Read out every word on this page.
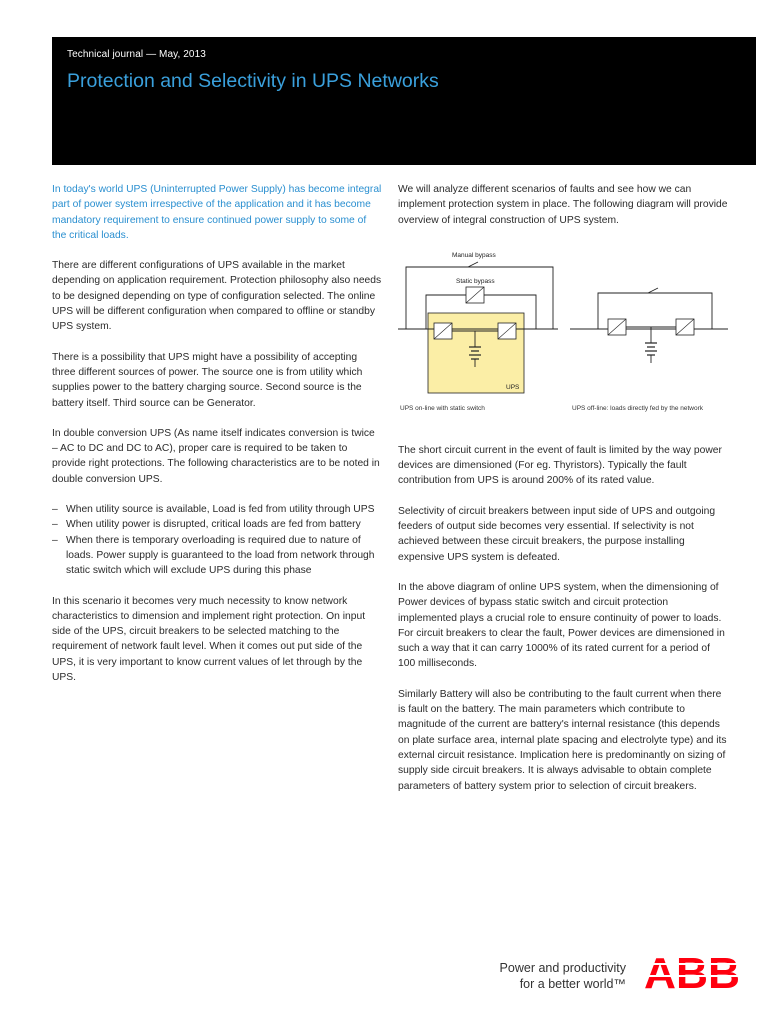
Technical journal — May, 2013
Protection and Selectivity in UPS Networks

In today's world UPS (Uninterrupted Power Supply) has become integral part of power system irrespective of the application and it has become mandatory requirement to ensure continued power supply to some of the critical loads.

There are different configurations of UPS available in the market depending on application requirement. Protection philosophy also needs to be designed depending on type of configuration selected. The online UPS will be different configuration when compared to offline or standby UPS system.

There is a possibility that UPS might have a possibility of accepting three different sources of power. The source one is from utility which supplies power to the battery charging source. Second source is the battery itself. Third source can be Generator.

In double conversion UPS (As name itself indicates conversion is twice – AC to DC and DC to AC), proper care is required to be taken to provide right protections. The following characteristics are to be noted in double conversion UPS.

– When utility source is available, Load is fed from utility through UPS
– When utility power is disrupted, critical loads are fed from battery
– When there is temporary overloading is required due to nature of loads. Power supply is guaranteed to the load from network through static switch which will exclude UPS during this phase

In this scenario it becomes very much necessity to know network characteristics to dimension and implement right protection. On input side of the UPS, circuit breakers to be selected matching to the requirement of network fault level. When it comes out put side of the UPS, it is very important to know current values of let through by the UPS.

We will analyze different scenarios of faults and see how we can implement protection system in place. The following diagram will provide overview of integral construction of UPS system.

Manual bypass
Static bypass
UPS
UPS on-line with static switch	UPS off-line: loads directly fed by the network

The short circuit current in the event of fault is limited by the way power devices are dimensioned (For eg. Thyristors). Typically the fault contribution from UPS is around 200% of its rated value.

Selectivity of circuit breakers between input side of UPS and outgoing feeders of output side becomes very essential. If selectivity is not achieved between these circuit breakers, the purpose installing expensive UPS system is defeated.

In the above diagram of online UPS system, when the dimensioning of Power devices of bypass static switch and circuit protection implemented plays a crucial role to ensure continuity of power to loads. For circuit breakers to clear the fault, Power devices are dimensioned in such a way that it can carry 1000% of its rated current for a period of 100 milliseconds.

Similarly Battery will also be contributing to the fault current when there is fault on the battery. The main parameters which contribute to magnitude of the current are battery's internal resistance (this depends on plate surface area, internal plate spacing and electrolyte type) and its external circuit resistance. Implication here is predominantly on sizing of supply side circuit breakers. It is always advisable to obtain complete parameters of battery system prior to selection of circuit breakers.

Power and productivity
for a better world™ ABB
